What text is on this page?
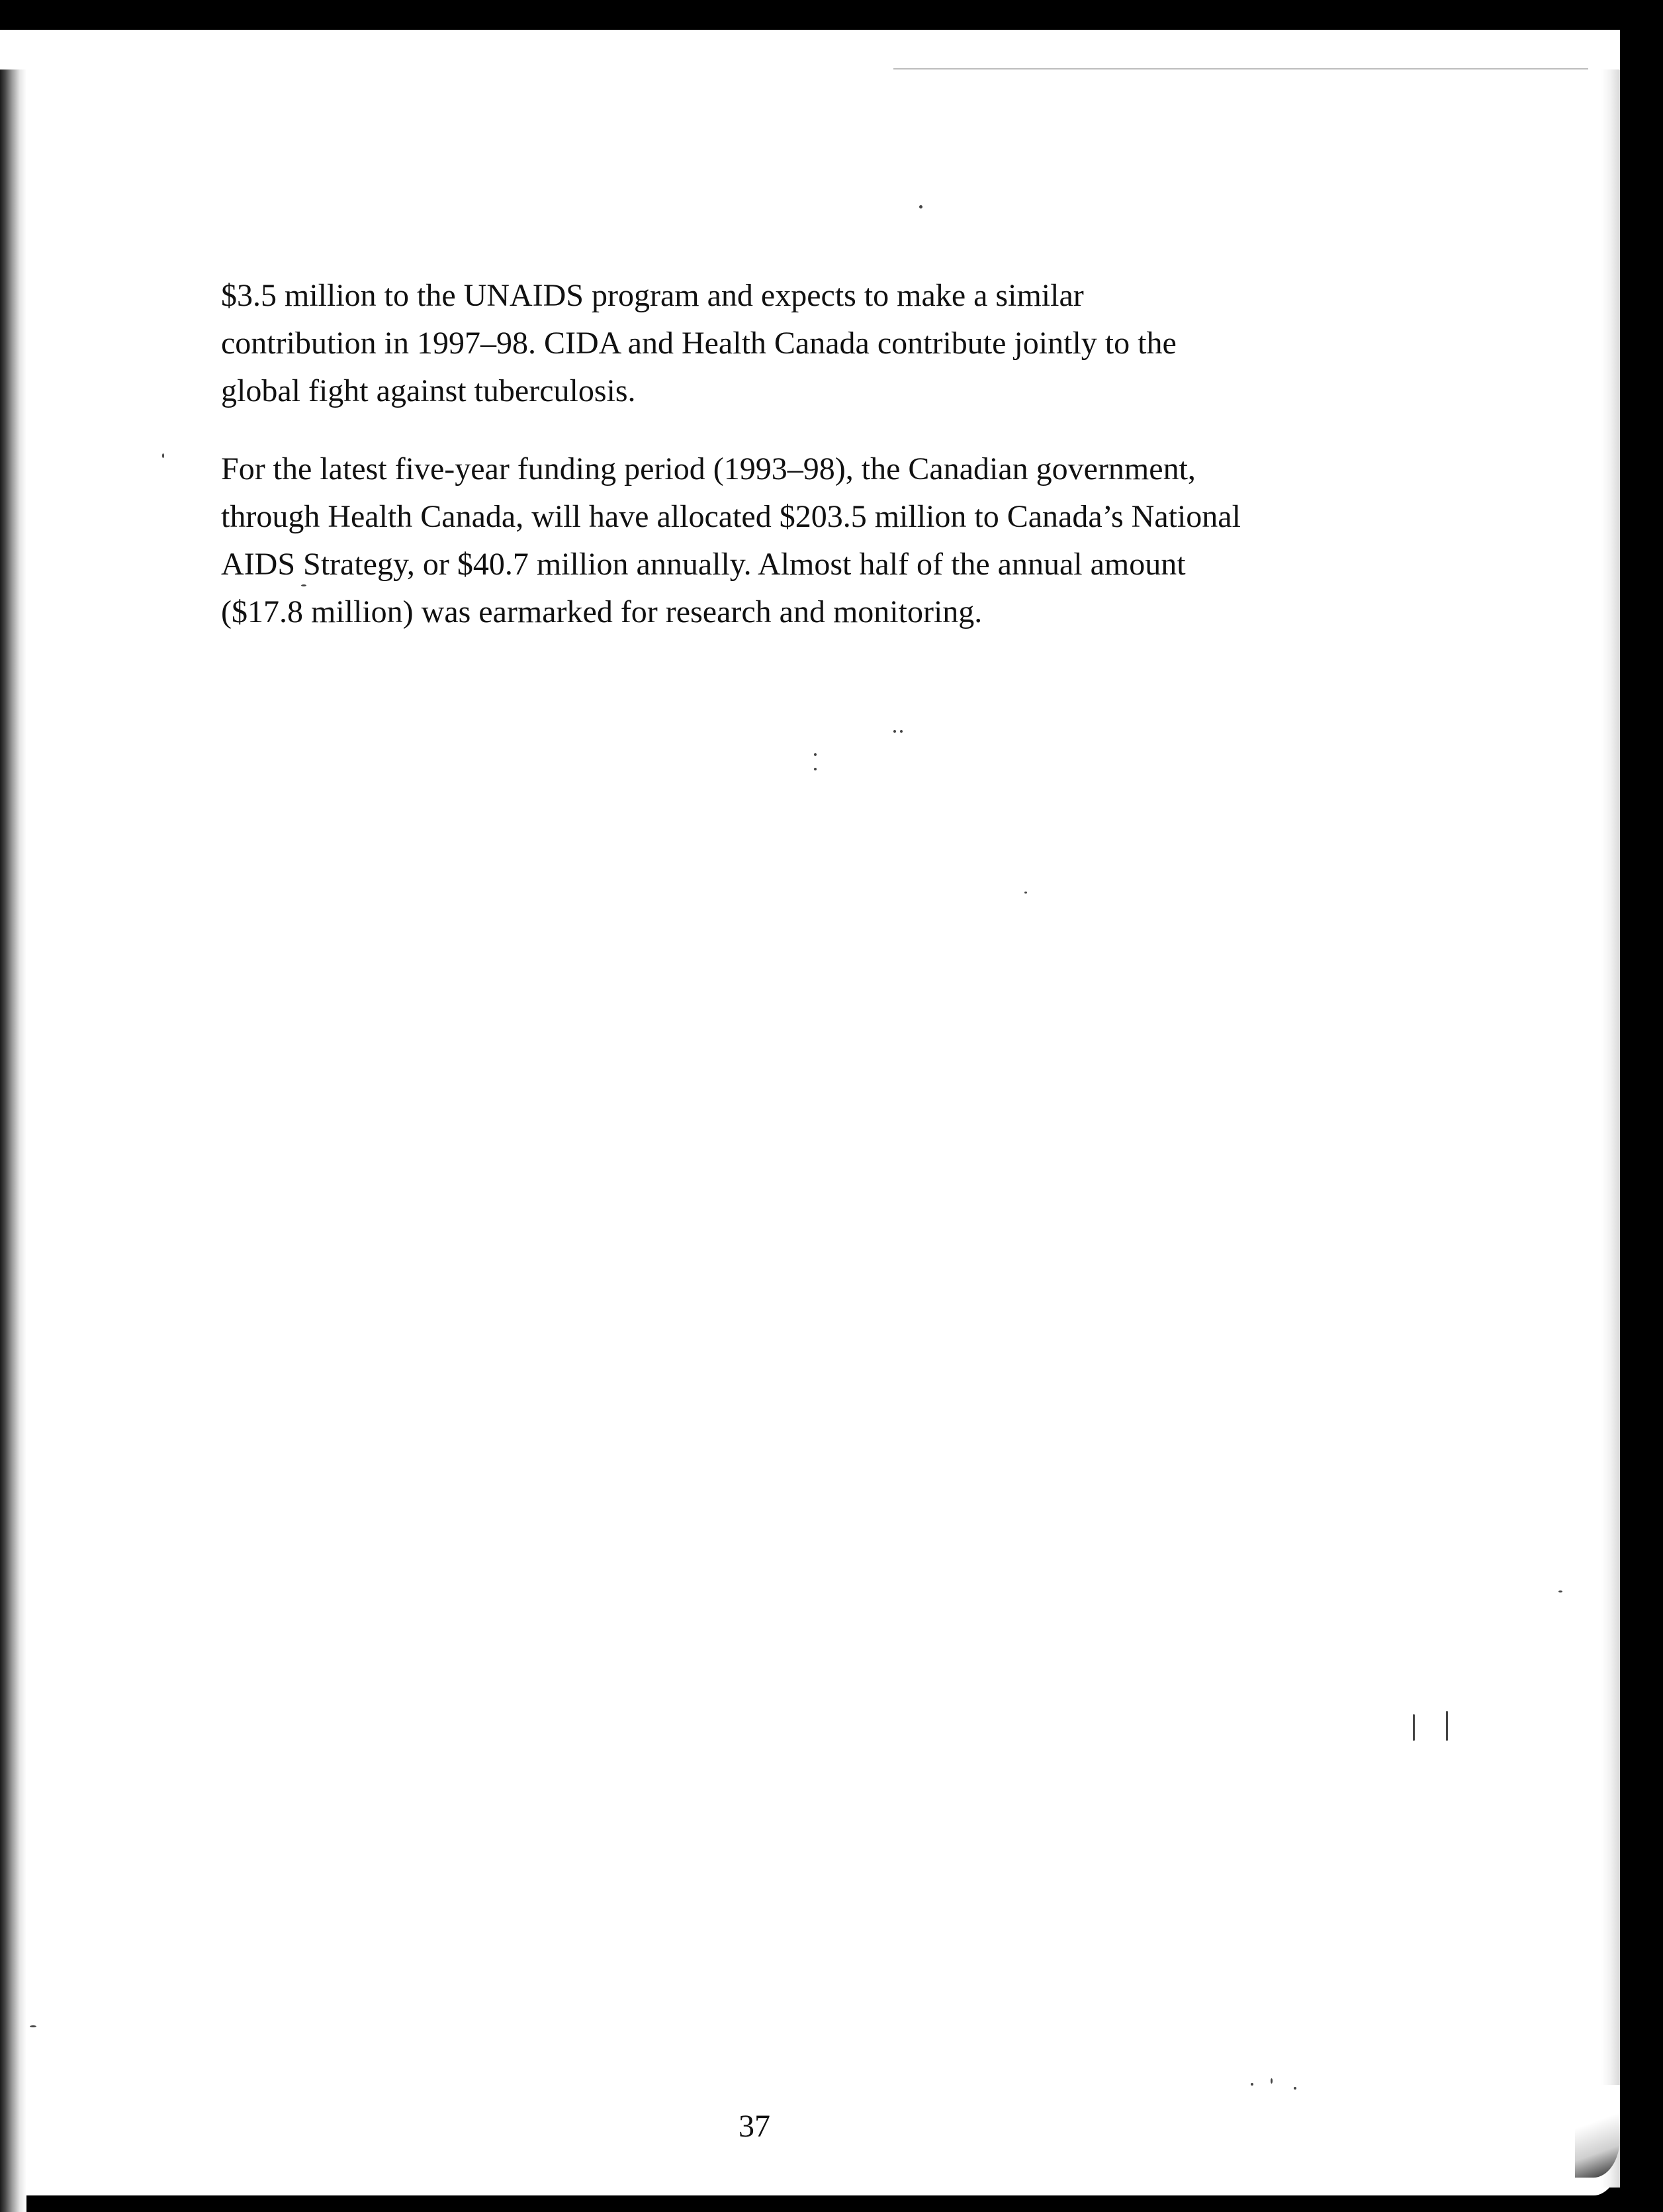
$3.5 million to the UNAIDS program and expects to make a similar
contribution in 1997–98. CIDA and Health Canada contribute jointly to the
global fight against tuberculosis.

For the latest five-year funding period (1993–98), the Canadian government,
through Health Canada, will have allocated $203.5 million to Canada’s National
AIDS Strategy, or $40.7 million annually. Almost half of the annual amount
($17.8 million) was earmarked for research and monitoring.

37
